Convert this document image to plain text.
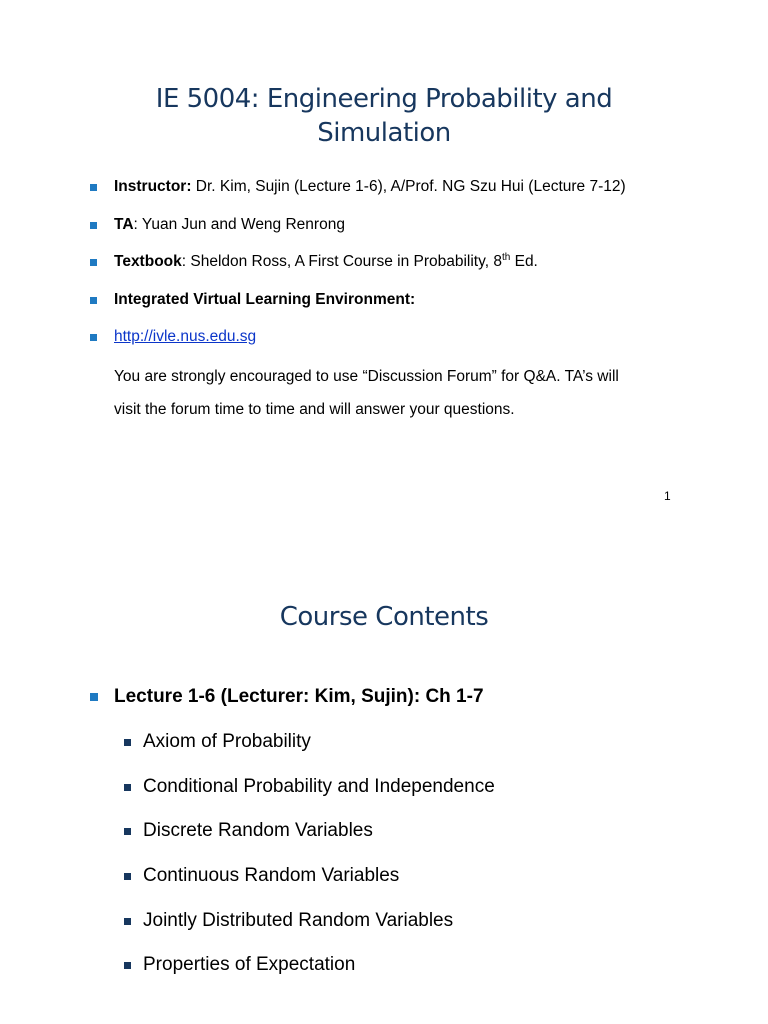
IE 5004: Engineering Probability and
Simulation
Instructor: Dr. Kim, Sujin (Lecture 1-6), A/Prof. NG Szu Hui (Lecture 7-12)
TA: Yuan Jun and Weng Renrong
Textbook: Sheldon Ross, A First Course in Probability, 8th Ed.
Integrated Virtual Learning Environment:
http://ivle.nus.edu.sg

You are strongly encouraged to use “Discussion Forum” for Q&A. TA’s will
visit the forum time to time and will answer your questions.

1
Course Contents
Lecture 1-6 (Lecturer: Kim, Sujin): Ch 1-7
Axiom of Probability
Conditional Probability and Independence
Discrete Random Variables
Continuous Random Variables
Jointly Distributed Random Variables
Properties of Expectation
